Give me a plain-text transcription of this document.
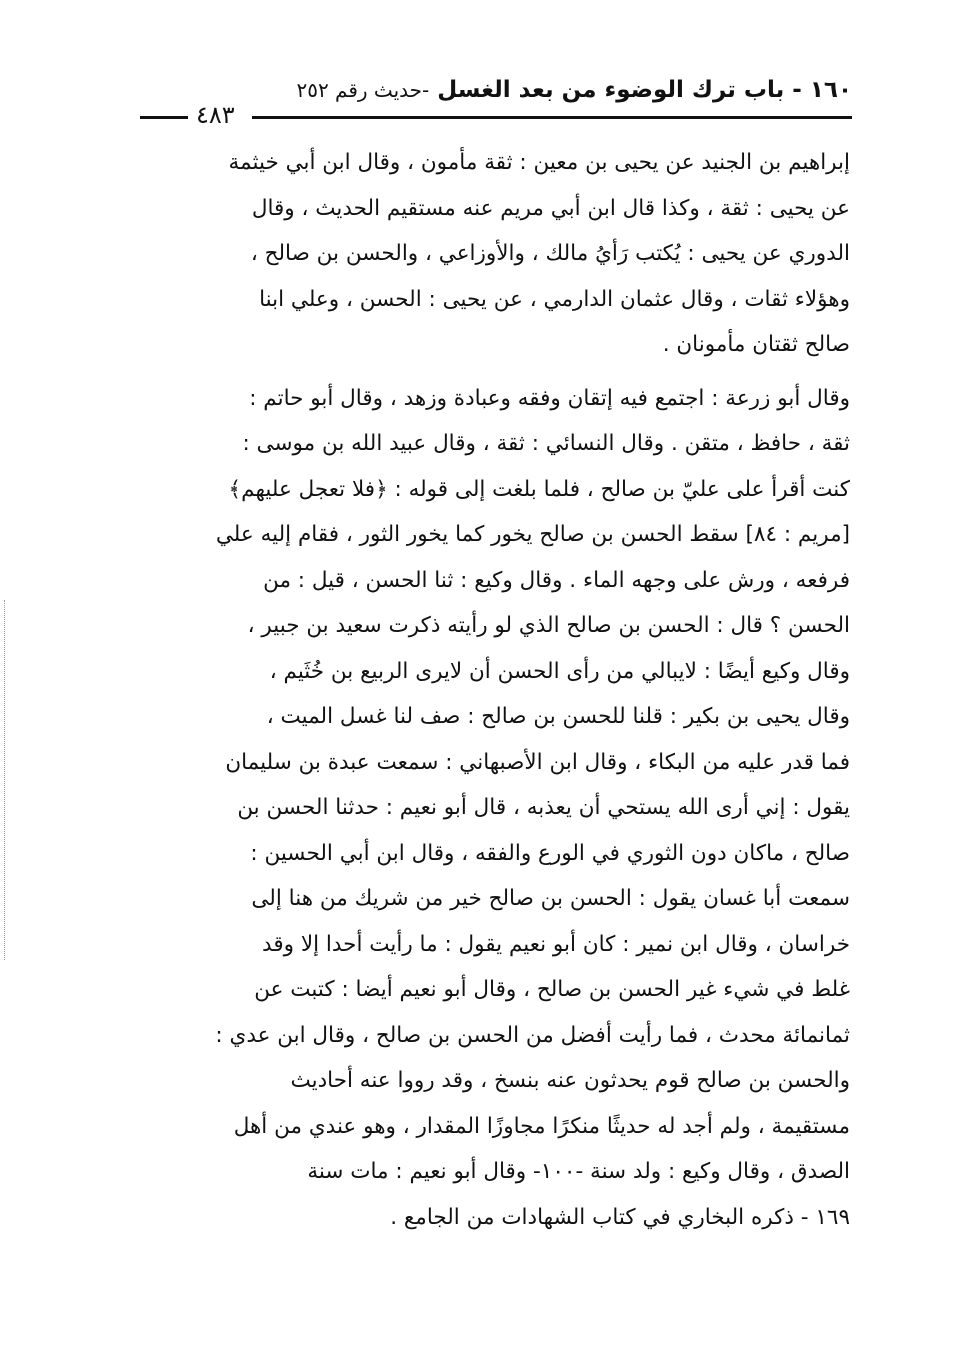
١٦٠ - باب ترك الوضوء من بعد الغسل -حديث رقم ٢٥٢
٤٨٣
إبراهيم بن الجنيد عن يحيى بن معين : ثقة مأمون ، وقال ابن أبي خيثمة
عن يحيى : ثقة ، وكذا قال ابن أبي مريم عنه مستقيم الحديث ، وقال
الدوري عن يحيى : يُكتب رَأيُ مالك ، والأوزاعي ، والحسن بن صالح ،
وهؤلاء ثقات ، وقال عثمان الدارمي ، عن يحيى : الحسن ، وعلي ابنا
صالح ثقتان مأمونان .
وقال أبو زرعة : اجتمع فيه إتقان وفقه وعبادة وزهد ، وقال أبو حاتم :
ثقة ، حافظ ، متقن . وقال النسائي : ثقة ، وقال عبيد الله بن موسى :
كنت أقرأ على عليّ بن صالح ، فلما بلغت إلى قوله : ﴿فلا تعجل عليهم﴾
[مريم : ٨٤] سقط الحسن بن صالح يخور كما يخور الثور ، فقام إليه علي
فرفعه ، ورش على وجهه الماء . وقال وكيع : ثنا الحسن ، قيل : من
الحسن ؟ قال : الحسن بن صالح الذي لو رأيته ذكرت سعيد بن جبير ،
وقال وكيع أيضًا : لايبالي من رأى الحسن أن لايرى الربيع بن خُثَيم ،
وقال يحيى بن بكير : قلنا للحسن بن صالح : صف لنا غسل الميت ،
فما قدر عليه من البكاء ، وقال ابن الأصبهاني : سمعت عبدة بن سليمان
يقول : إني أرى الله يستحي أن يعذبه ، قال أبو نعيم : حدثنا الحسن بن
صالح ، ماكان دون الثوري في الورع والفقه ، وقال ابن أبي الحسين :
سمعت أبا غسان يقول : الحسن بن صالح خير من شريك من هنا إلى
خراسان ، وقال ابن نمير : كان أبو نعيم يقول : ما رأيت أحدا إلا وقد
غلط في شيء غير الحسن بن صالح ، وقال أبو نعيم أيضا : كتبت عن
ثمانمائة محدث ، فما رأيت أفضل من الحسن بن صالح ، وقال ابن عدي :
والحسن بن صالح قوم يحدثون عنه بنسخ ، وقد رووا عنه أحاديث
مستقيمة ، ولم أجد له حديثًا منكرًا مجاوزًا المقدار ، وهو عندي من أهل
الصدق ، وقال وكيع : ولد سنة -١٠٠- وقال أبو نعيم : مات سنة
١٦٩ - ذكره البخاري في كتاب الشهادات من الجامع .
